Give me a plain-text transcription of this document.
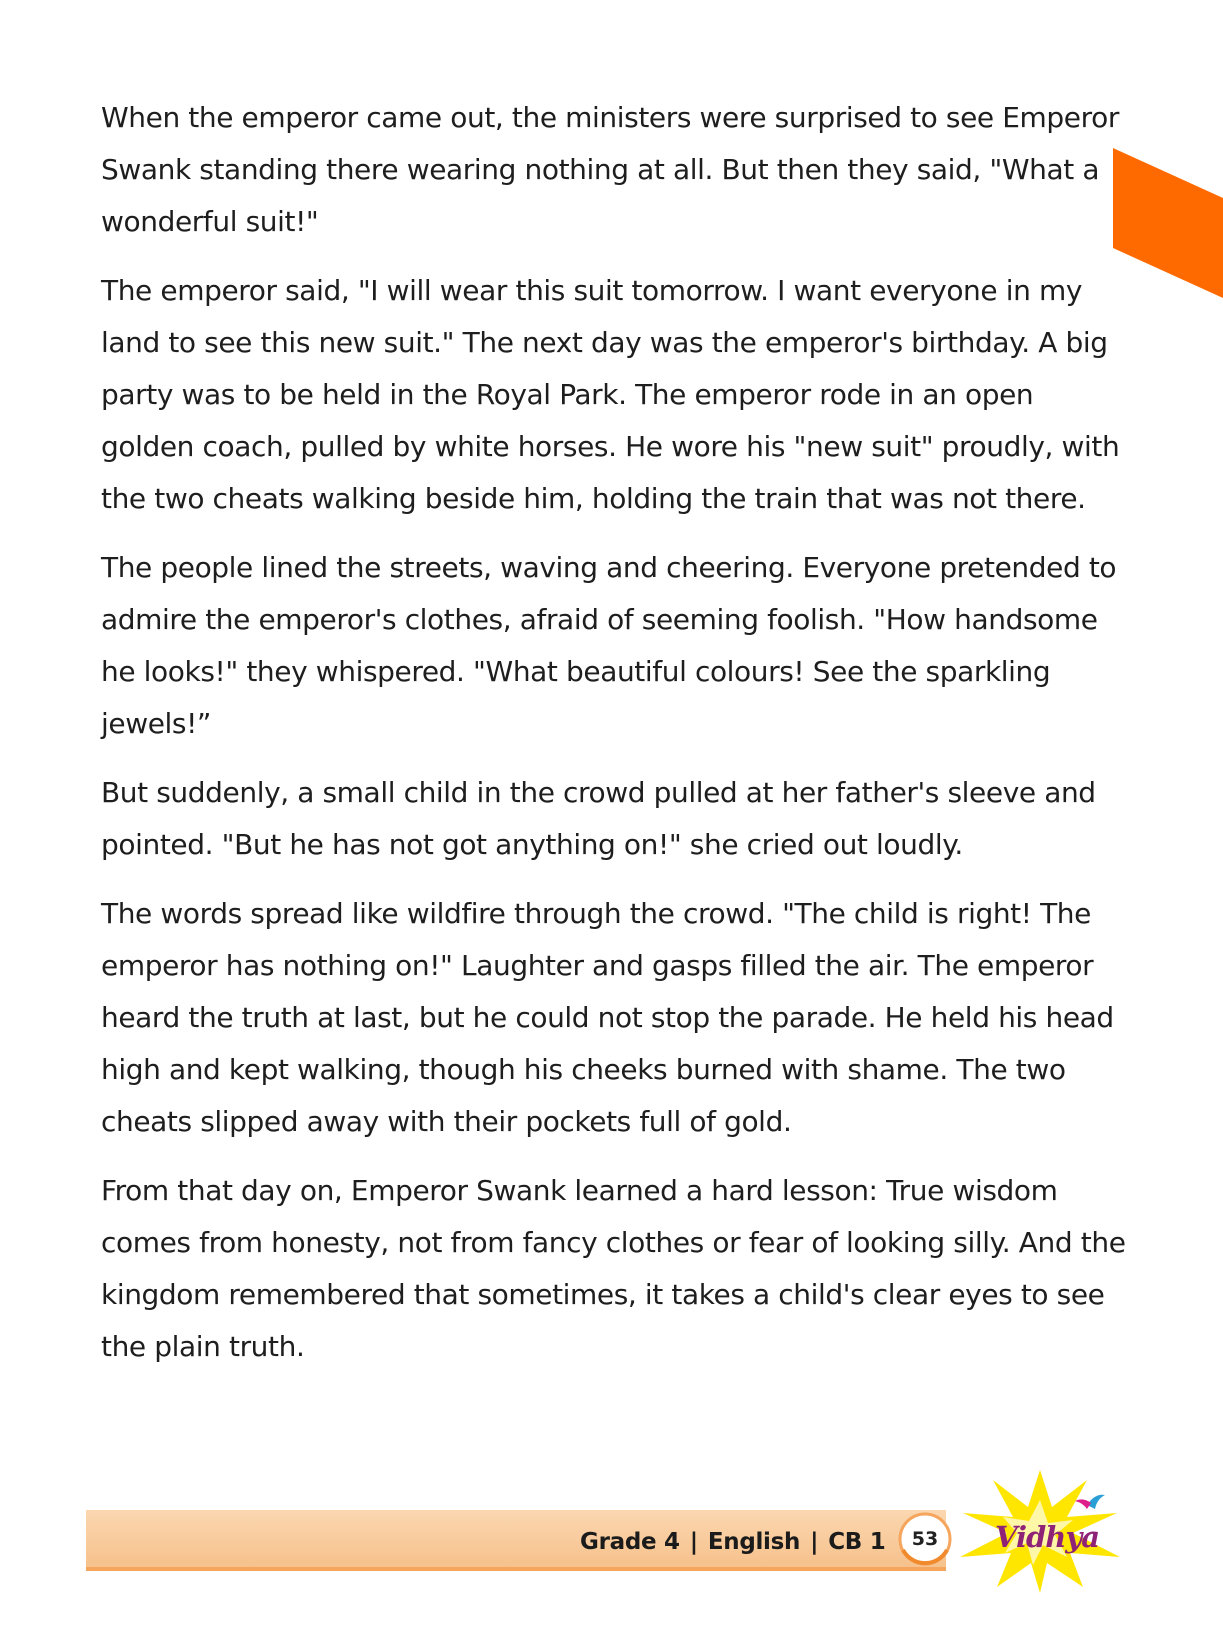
When the emperor came out, the ministers were surprised to see Emperor Swank standing there wearing nothing at all. But then they said, "What a wonderful suit!"

The emperor said, "I will wear this suit tomorrow. I want everyone in my land to see this new suit." The next day was the emperor's birthday. A big party was to be held in the Royal Park. The emperor rode in an open golden coach, pulled by white horses. He wore his "new suit" proudly, with the two cheats walking beside him, holding the train that was not there.

The people lined the streets, waving and cheering. Everyone pretended to admire the emperor's clothes, afraid of seeming foolish. "How handsome he looks!" they whispered. "What beautiful colours! See the sparkling jewels!”

But suddenly, a small child in the crowd pulled at her father's sleeve and pointed. "But he has not got anything on!" she cried out loudly.

The words spread like wildfire through the crowd. "The child is right! The emperor has nothing on!" Laughter and gasps filled the air. The emperor heard the truth at last, but he could not stop the parade. He held his head high and kept walking, though his cheeks burned with shame. The two cheats slipped away with their pockets full of gold.

From that day on, Emperor Swank learned a hard lesson: True wisdom comes from honesty, not from fancy clothes or fear of looking silly. And the kingdom remembered that sometimes, it takes a child's clear eyes to see the plain truth.

Grade 4 | English | CB 1	53	Vidhya
